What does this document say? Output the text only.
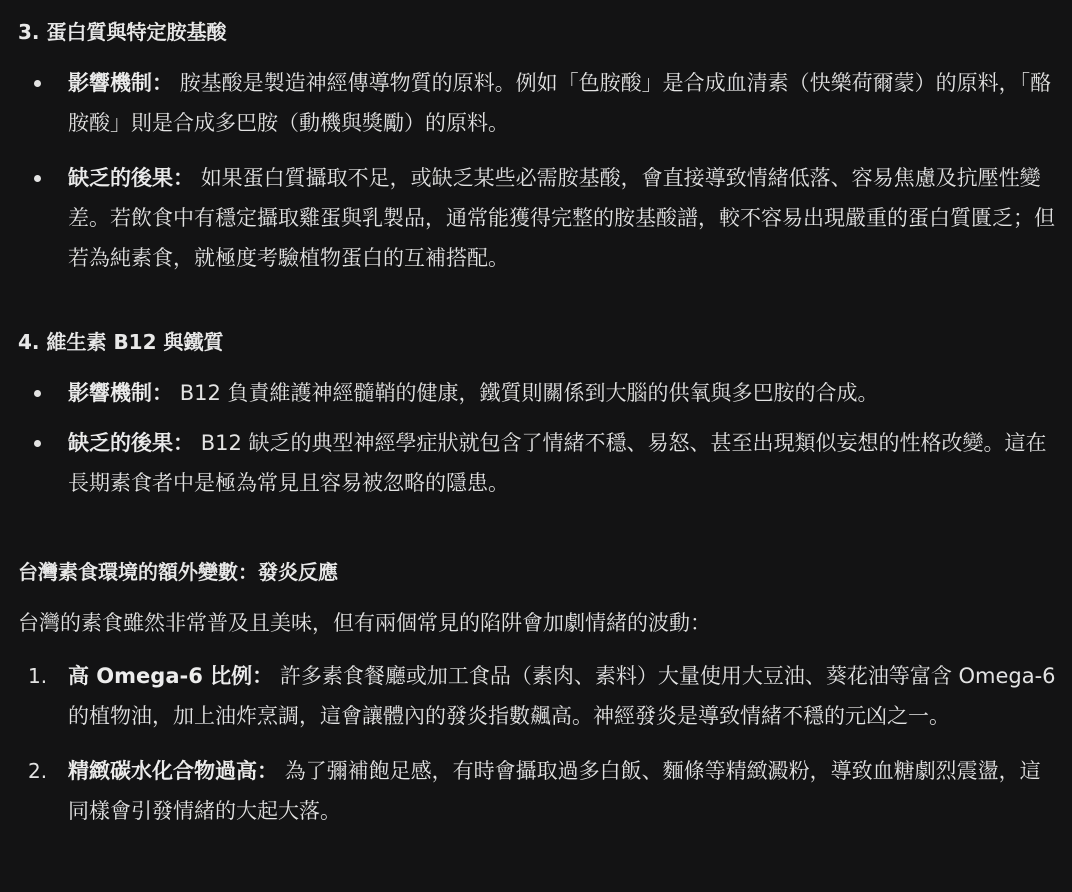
3. 蛋白質與特定胺基酸
影響機制： 胺基酸是製造神經傳導物質的原料。例如「色胺酸」是合成血清素（快樂荷爾蒙）的原料，「酪胺酸」則是合成多巴胺（動機與獎勵）的原料。
缺乏的後果： 如果蛋白質攝取不足，或缺乏某些必需胺基酸，會直接導致情緒低落、容易焦慮及抗壓性變差。若飲食中有穩定攝取雞蛋與乳製品，通常能獲得完整的胺基酸譜，較不容易出現嚴重的蛋白質匱乏；但若為純素食，就極度考驗植物蛋白的互補搭配。
4. 維生素 B12 與鐵質
影響機制： B12 負責維護神經髓鞘的健康，鐵質則關係到大腦的供氧與多巴胺的合成。
缺乏的後果： B12 缺乏的典型神經學症狀就包含了情緒不穩、易怒、甚至出現類似妄想的性格改變。這在長期素食者中是極為常見且容易被忽略的隱患。
台灣素食環境的額外變數：發炎反應

台灣的素食雖然非常普及且美味，但有兩個常見的陷阱會加劇情緒的波動：

1. 高 Omega-6 比例： 許多素食餐廳或加工食品（素肉、素料）大量使用大豆油、葵花油等富含 Omega-6 的植物油，加上油炸烹調，這會讓體內的發炎指數飆高。神經發炎是導致情緒不穩的元凶之一。
2. 精緻碳水化合物過高： 為了彌補飽足感，有時會攝取過多白飯、麵條等精緻澱粉，導致血糖劇烈震盪，這同樣會引發情緒的大起大落。
